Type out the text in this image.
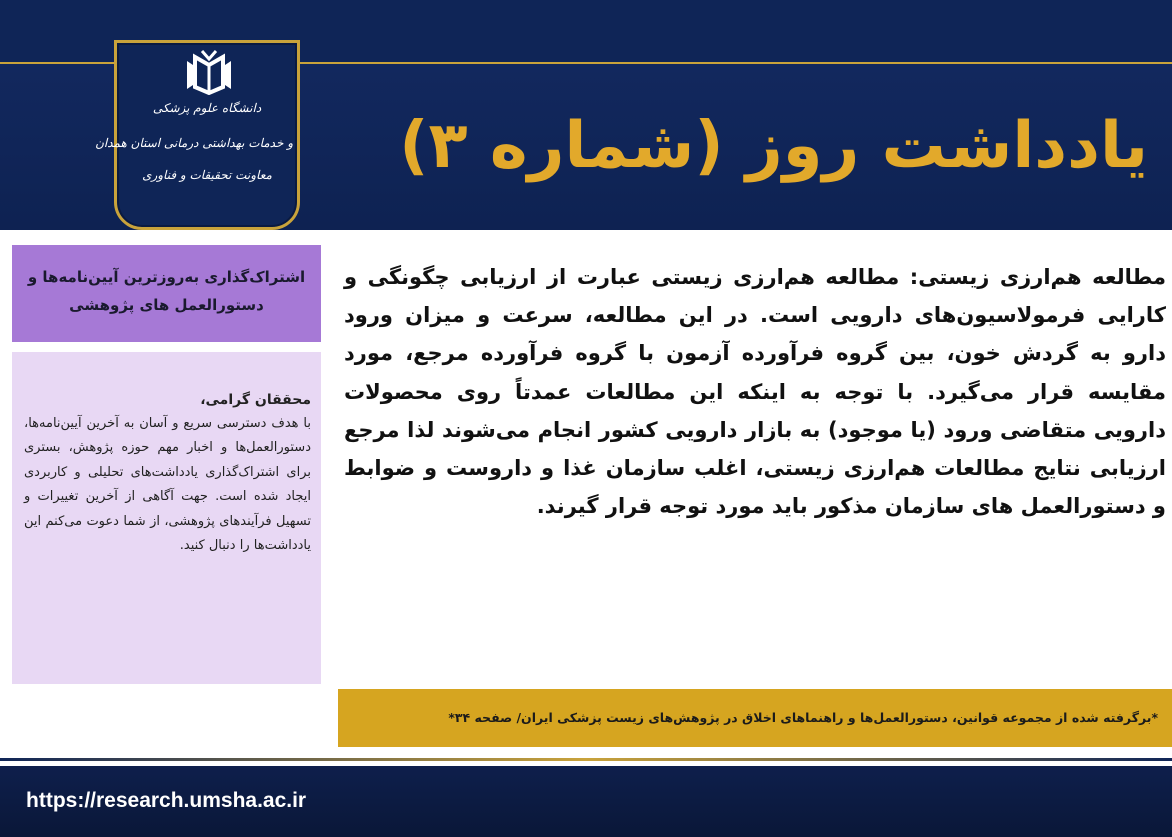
یادداشت روز (شماره ۳)
دانشگاه علوم پزشکی
و خدمات بهداشتی درمانی استان همدان
معاونت تحقیقات و فناوری
اشتراک‌گذاری به‌روزترین آیین‌نامه‌ها و دستورالعمل های پژوهشی
محققان گرامی،
با هدف دسترسی سریع و آسان به آخرین آیین‌نامه‌ها، دستورالعمل‌ها و اخبار مهم حوزه پژوهش، بستری برای اشتراک‌گذاری یادداشت‌های تحلیلی و کاربردی ایجاد شده است. جهت آگاهی از آخرین تغییرات و تسهیل فرآیندهای پژوهشی، از شما دعوت می‌کنم این یادداشت‌ها را دنبال کنید.
مطالعه هم‌ارزی زیستی: مطالعه هم‌ارزی زیستی عبارت از ارزیابی چگونگی و کارایی فرمولاسیون‌های دارویی است. در این مطالعه، سرعت و میزان ورود دارو به گردش خون، بین گروه فرآورده آزمون با گروه فرآورده مرجع، مورد مقایسه قرار می‌گیرد. با توجه به اینکه این مطالعات عمدتاً روی محصولات دارویی متقاضی ورود (یا موجود) به بازار دارویی کشور انجام می‌شوند لذا مرجع ارزیابی نتایج مطالعات هم‌ارزی زیستی، اغلب سازمان غذا و داروست و ضوابط و دستورالعمل های سازمان مذکور باید مورد توجه قرار گیرند.
*برگرفته شده از مجموعه قوانین، دستورالعمل‌ها و راهنماهای اخلاق در پژوهش‌های زیست پزشکی ایران/ صفحه ۳۴*
https://research.umsha.ac.ir
